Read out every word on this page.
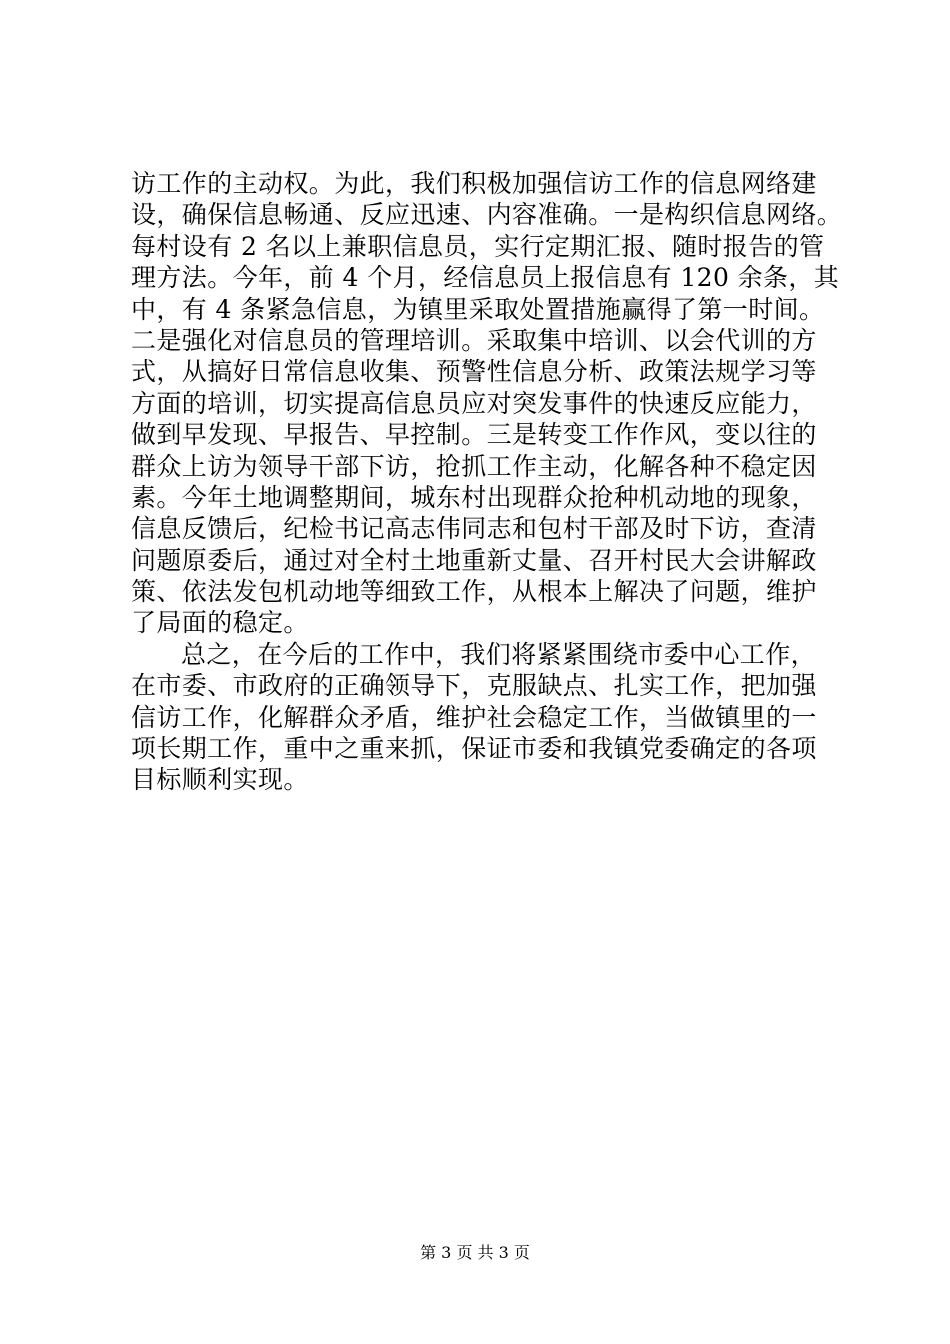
访工作的主动权。为此，我们积极加强信访工作的信息网络建
设，确保信息畅通、反应迅速、内容准确。一是构织信息网络。
每村设有 2 名以上兼职信息员，实行定期汇报、随时报告的管
理方法。今年，前 4 个月，经信息员上报信息有 120 余条，其
中，有 4 条紧急信息，为镇里采取处置措施赢得了第一时间。
二是强化对信息员的管理培训。采取集中培训、以会代训的方
式，从搞好日常信息收集、预警性信息分析、政策法规学习等
方面的培训，切实提高信息员应对突发事件的快速反应能力，
做到早发现、早报告、早控制。三是转变工作作风，变以往的
群众上访为领导干部下访，抢抓工作主动，化解各种不稳定因
素。今年土地调整期间，城东村出现群众抢种机动地的现象，
信息反馈后，纪检书记高志伟同志和包村干部及时下访，查清
问题原委后，通过对全村土地重新丈量、召开村民大会讲解政
策、依法发包机动地等细致工作，从根本上解决了问题，维护
了局面的稳定。
总之，在今后的工作中，我们将紧紧围绕市委中心工作，
在市委、市政府的正确领导下，克服缺点、扎实工作，把加强
信访工作，化解群众矛盾，维护社会稳定工作，当做镇里的一
项长期工作，重中之重来抓，保证市委和我镇党委确定的各项
目标顺利实现。
第 3 页 共 3 页
